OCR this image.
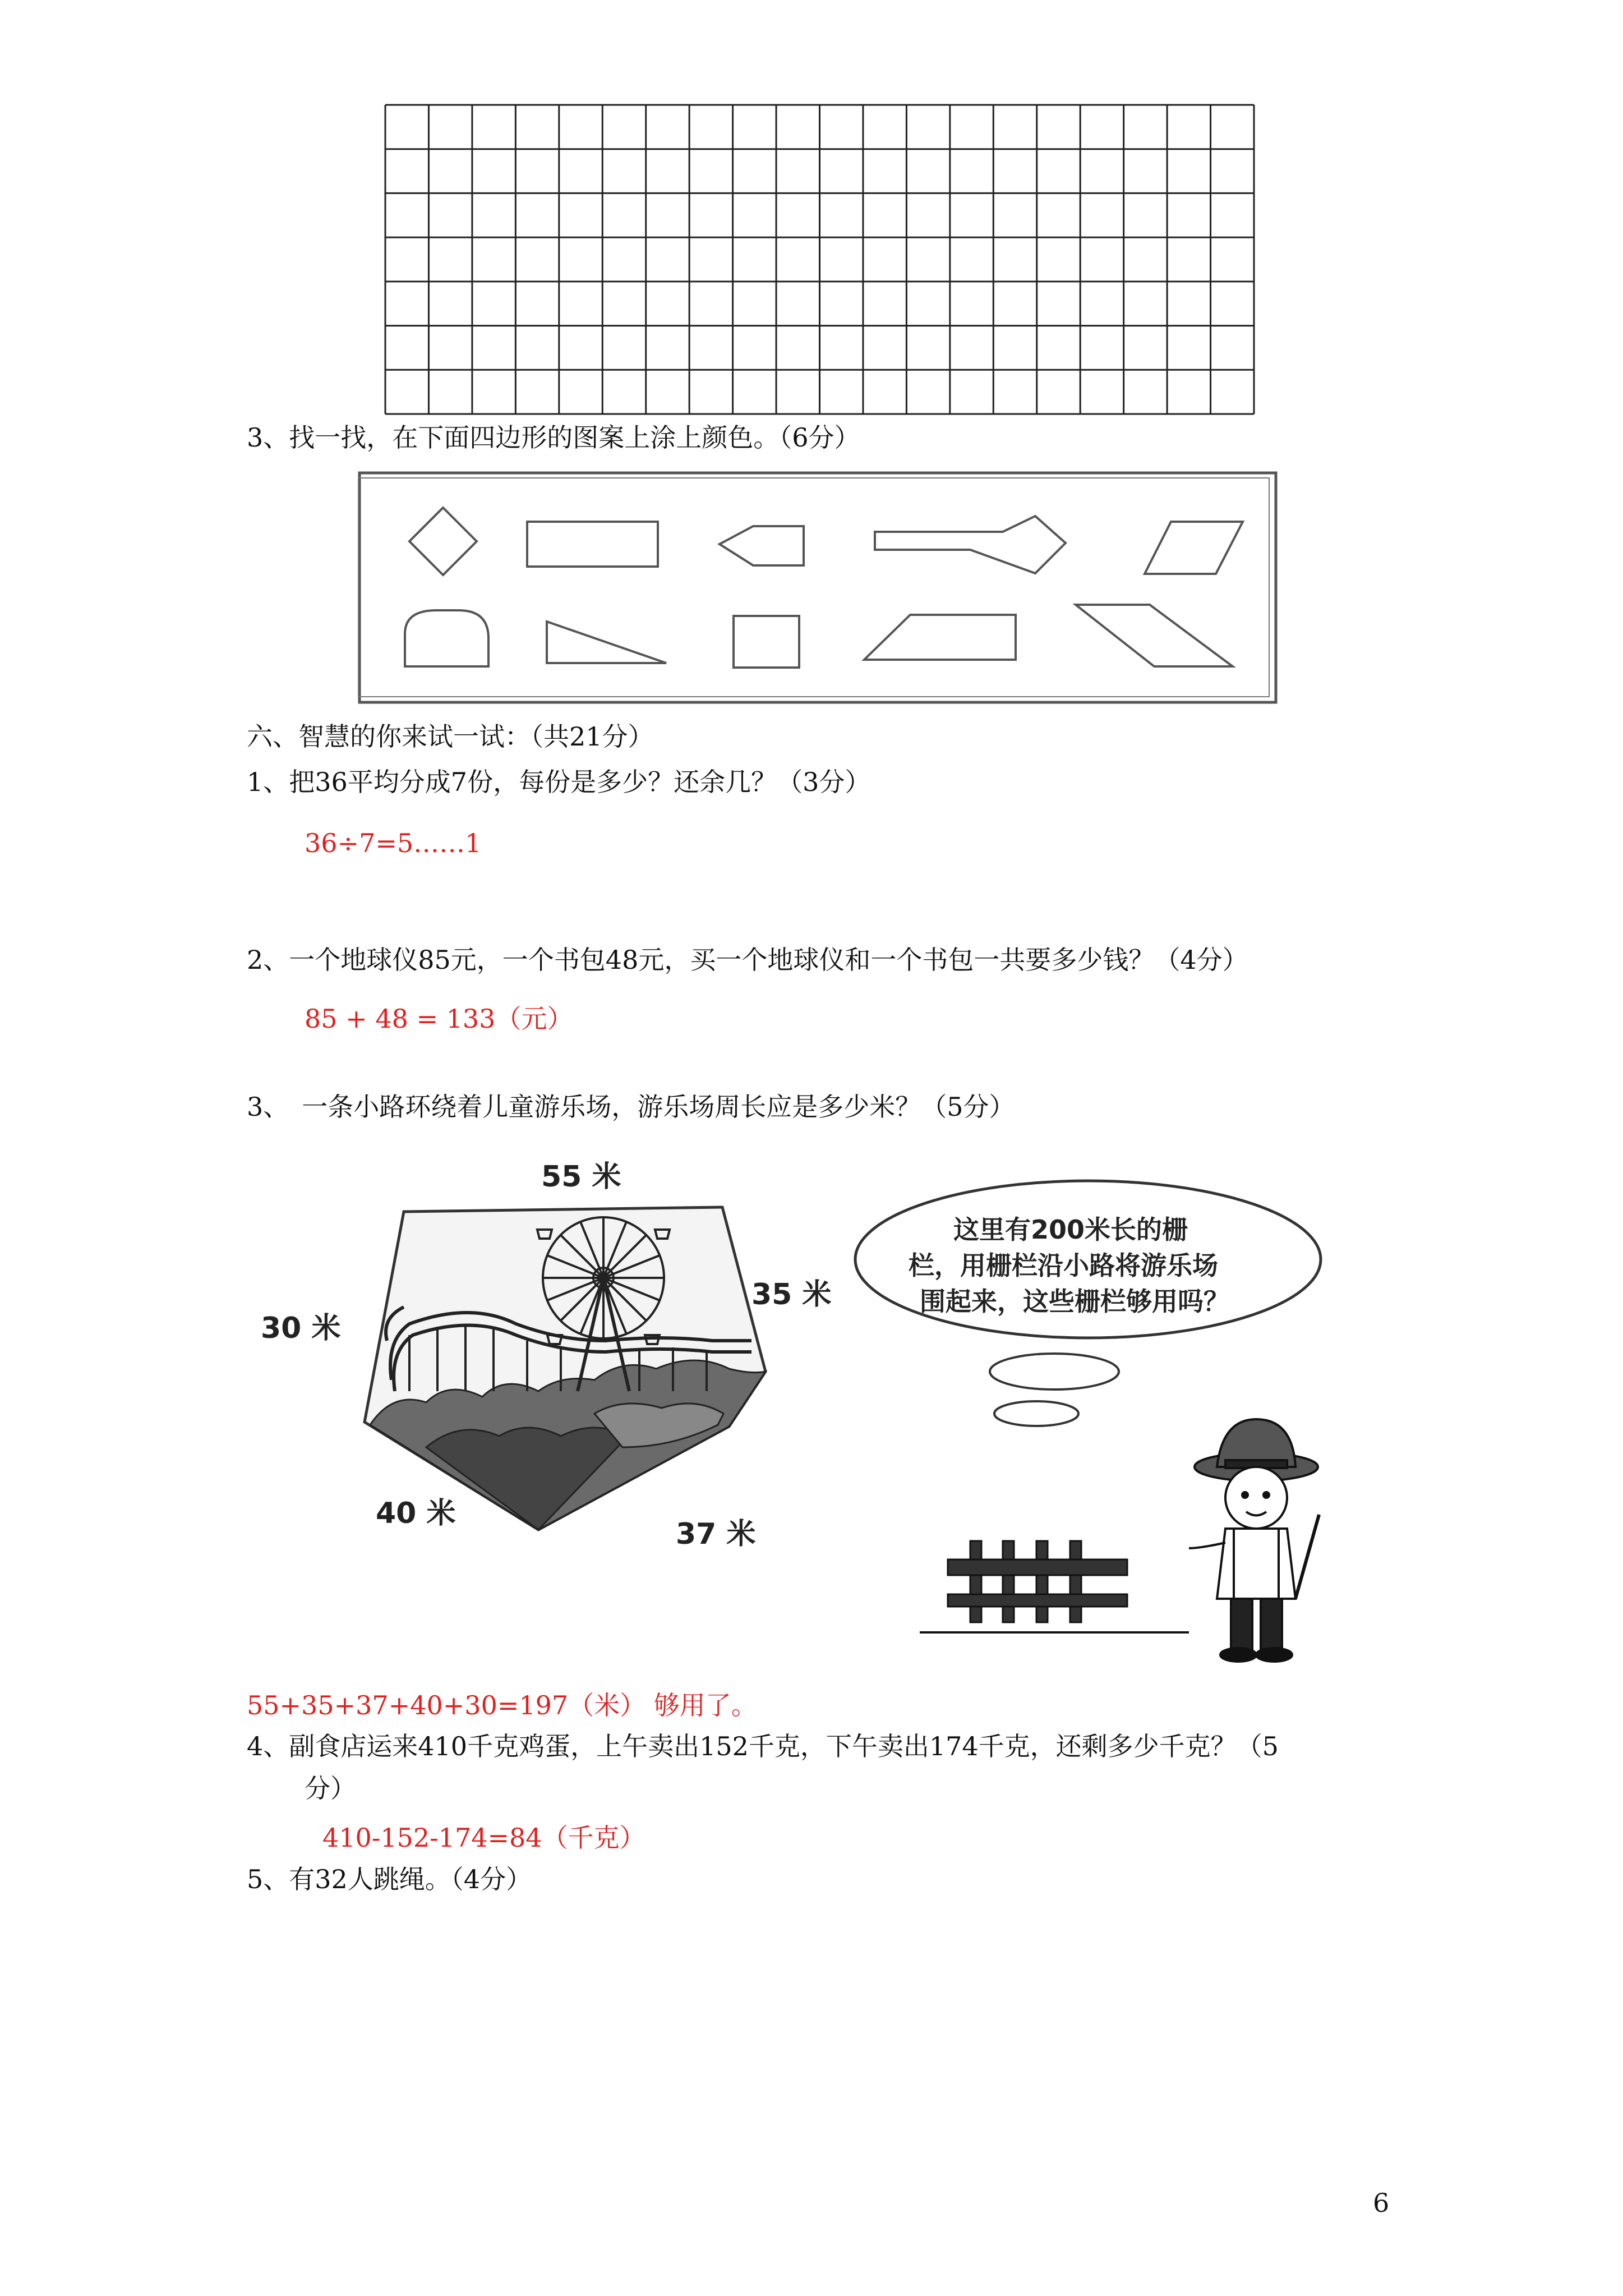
3、找一找，在下面四边形的图案上涂上颜色。（6分）
六、智慧的你来试一试：（共21分）
1、把36平均分成7份，每份是多少？还余几？（3分）
36÷7=5……1
2、一个地球仪85元，一个书包48元，买一个地球仪和一个书包一共要多少钱？（4分）
85 + 48 = 133（元）
3、　一条小路环绕着儿童游乐场，游乐场周长应是多少米？（5分）
55 米
30 米
35 米
40 米
37 米
这里有200米长的栅
栏，用栅栏沿小路将游乐场
围起来，这些栅栏够用吗？
55+35+37+40+30=197（米） 够用了。
4、副食店运来410千克鸡蛋，上午卖出152千克，下午卖出174千克，还剩多少千克？（5
分）
410-152-174=84（千克）
5、有32人跳绳。（4分）
6
